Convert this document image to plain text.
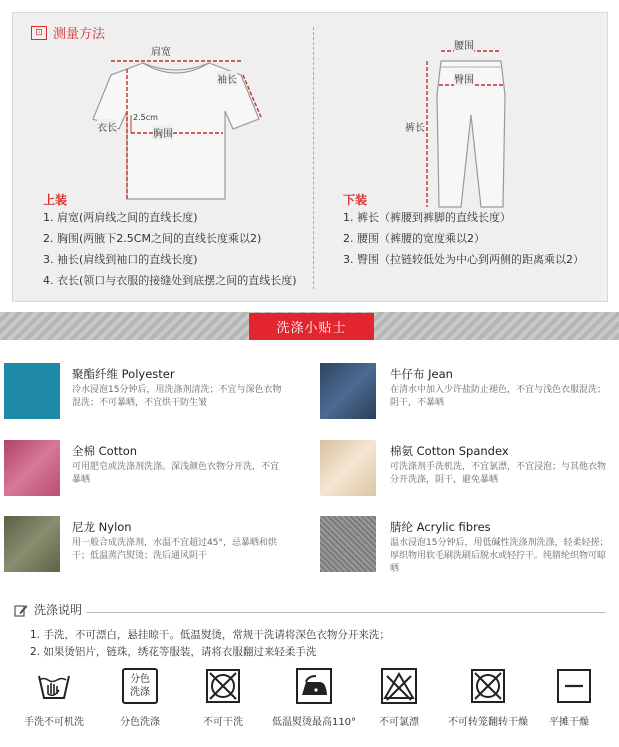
⊡ 测量方法
肩宽
袖长
衣长
胸围
2.5cm
上装
1. 肩宽(两肩线之间的直线长度)
2. 胸围(两腋下2.5CM之间的直线长度乘以2)
3. 袖长(肩线到袖口的直线长度)
4. 衣长(领口与衣服的接缝处到底摆之间的直线长度)
腰围
臀围
裤长
下装
1. 裤长（裤腰到裤脚的直线长度）
2. 腰围（裤腰的宽度乘以2）
3. 臀围（拉链较低处为中心到两侧的距离乘以2）
洗涤小贴士
聚酯纤维 Polyester
冷水浸泡15分钟后，用洗涤剂清洗；不宜与深色衣物混洗；不可暴晒，不宜烘干防生皱
牛仔布 Jean
在清水中加入少许盐防止褪色，不宜与浅色衣服混洗；阴干，不暴晒
全棉 Cotton
可用肥皂或洗涤剂洗涤。深浅颜色衣物分开洗，不宜暴晒
棉氨 Cotton Spandex
可洗涤剂手洗机洗，不宜氯漂，不宜浸泡；与其他衣物分开洗涤，阴干，避免暴晒
尼龙 Nylon
用一般合成洗涤剂，水温不宜超过45°，忌暴晒和烘干；低温蒸汽熨烫；洗后通风阴干
腈纶 Acrylic fibres
温水浸泡15分钟后，用低碱性洗涤剂洗涤，轻柔轻搓；厚织物用软毛刷洗刷后脱水或轻拧干。纯腈纶织物可晾晒
洗涤说明
1. 手洗，不可漂白，悬挂晾干。低温熨烫，常规干洗请将深色衣物分开来洗；
2. 如果烫铝片，链珠，绣花等服装，请将衣服翻过来轻柔手洗
手洗不可机洗
分色
洗涤
分色洗涤	不可干洗	低温熨烫最高110°	不可氯漂	不可转笼翻转干燥	平摊干燥
